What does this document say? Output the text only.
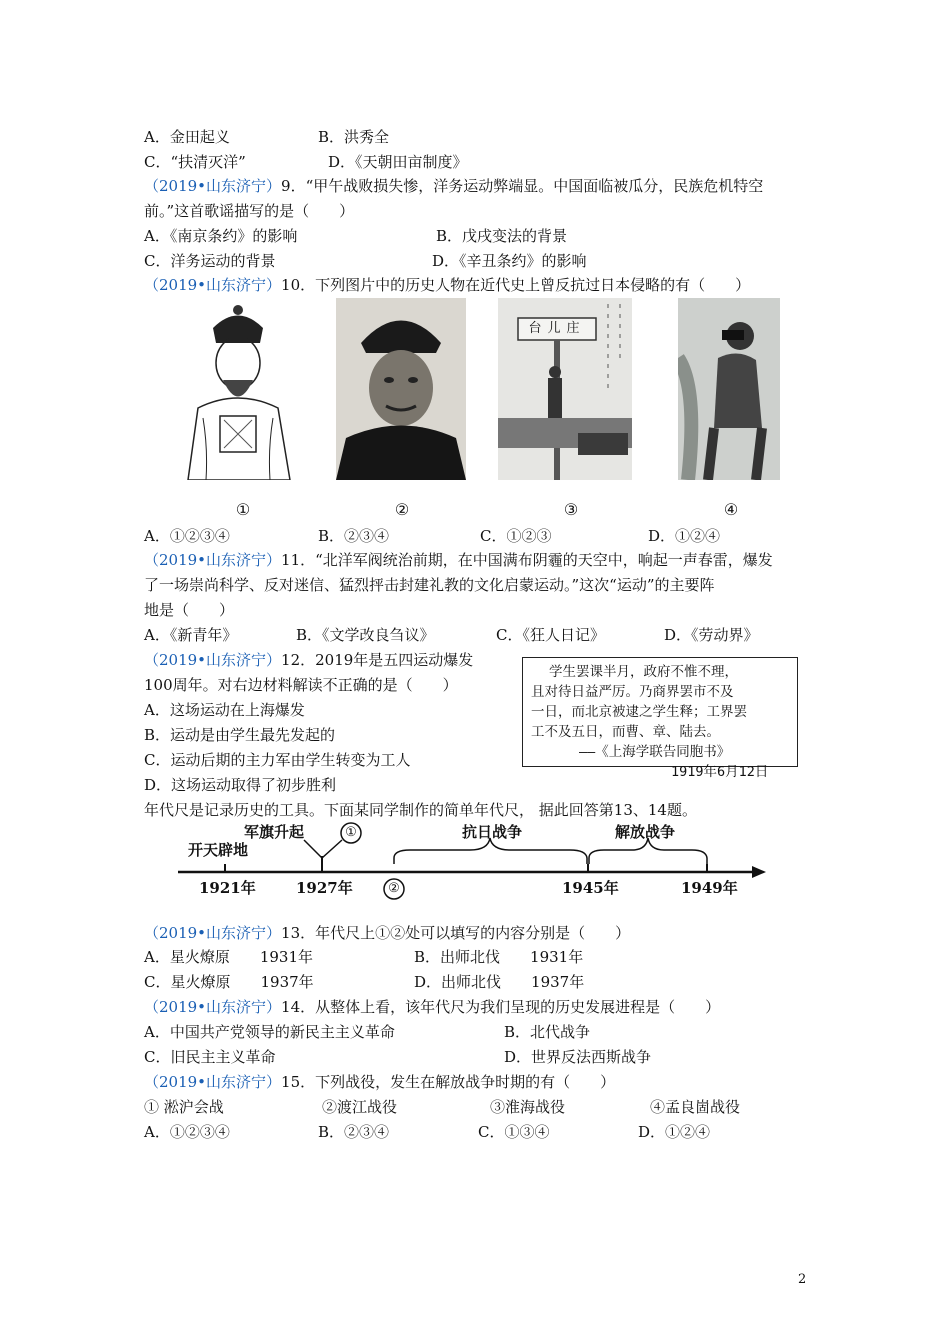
A．金田起义	B．洪秀全
C．“扶清灭洋”	D．《天朝田亩制度》
（2019•山东济宁）9．“甲午战败损失惨，洋务运动弊端显。中国面临被瓜分，民族危机特空
前。”这首歌谣描写的是（　　）
A．《南京条约》的影响	B．戊戌变法的背景
C．洋务运动的背景	D．《辛丑条约》的影响
（2019•山东济宁）10．下列图片中的历史人物在近代史上曾反抗过日本侵略的有（　　）
台儿庄
①	②	③	④
A．①②③④	B．②③④	C．①②③	D．①②④
（2019•山东济宁）11．“北洋军阀统治前期，在中国满布阴霾的天空中，响起一声春雷，爆发
了一场崇尚科学、反对迷信、猛烈抨击封建礼教的文化启蒙运动。”这次“运动”的主要阵
地是（　　）
A．《新青年》	B．《文学改良刍议》	C．《狂人日记》	D．《劳动界》
（2019•山东济宁）12．2019年是五四运动爆发
100周年。对右边材料解读不正确的是（　　）
A．这场运动在上海爆发
B．运动是由学生最先发起的
C．运动后期的主力军由学生转变为工人
D．这场运动取得了初步胜利
学生罢课半月，政府不惟不理，
且对待日益严厉。乃商界罢市不及
一日，而北京被逮之学生释；工界罢
工不及五日，而曹、章、陆去。
——《上海学联告同胞书》
1919年6月12日
年代尺是记录历史的工具。下面某同学制作的简单年代尺， 据此回答第13、14题。
开天辟地
军旗升起	抗日战争	解放战争
①
②
1921年	1927年	1945年	1949年
（2019•山东济宁）13．年代尺上①②处可以填写的内容分别是（　　）
A．星火燎原　　1931年	B．出师北伐　　1931年
C．星火燎原　　1937年	D．出师北伐　　1937年
（2019•山东济宁）14．从整体上看，该年代尺为我们呈现的历史发展进程是（　　）
A．中国共产党领导的新民主主义革命	B．北代战争
C．旧民主主义革命	D．世界反法西斯战争
（2019•山东济宁）15．下列战役，发生在解放战争时期的有（　　）
① 淞沪会战	②渡江战役	③淮海战役	④孟良崮战役
A．①②③④	B．②③④	C．①③④	D．①②④
2
